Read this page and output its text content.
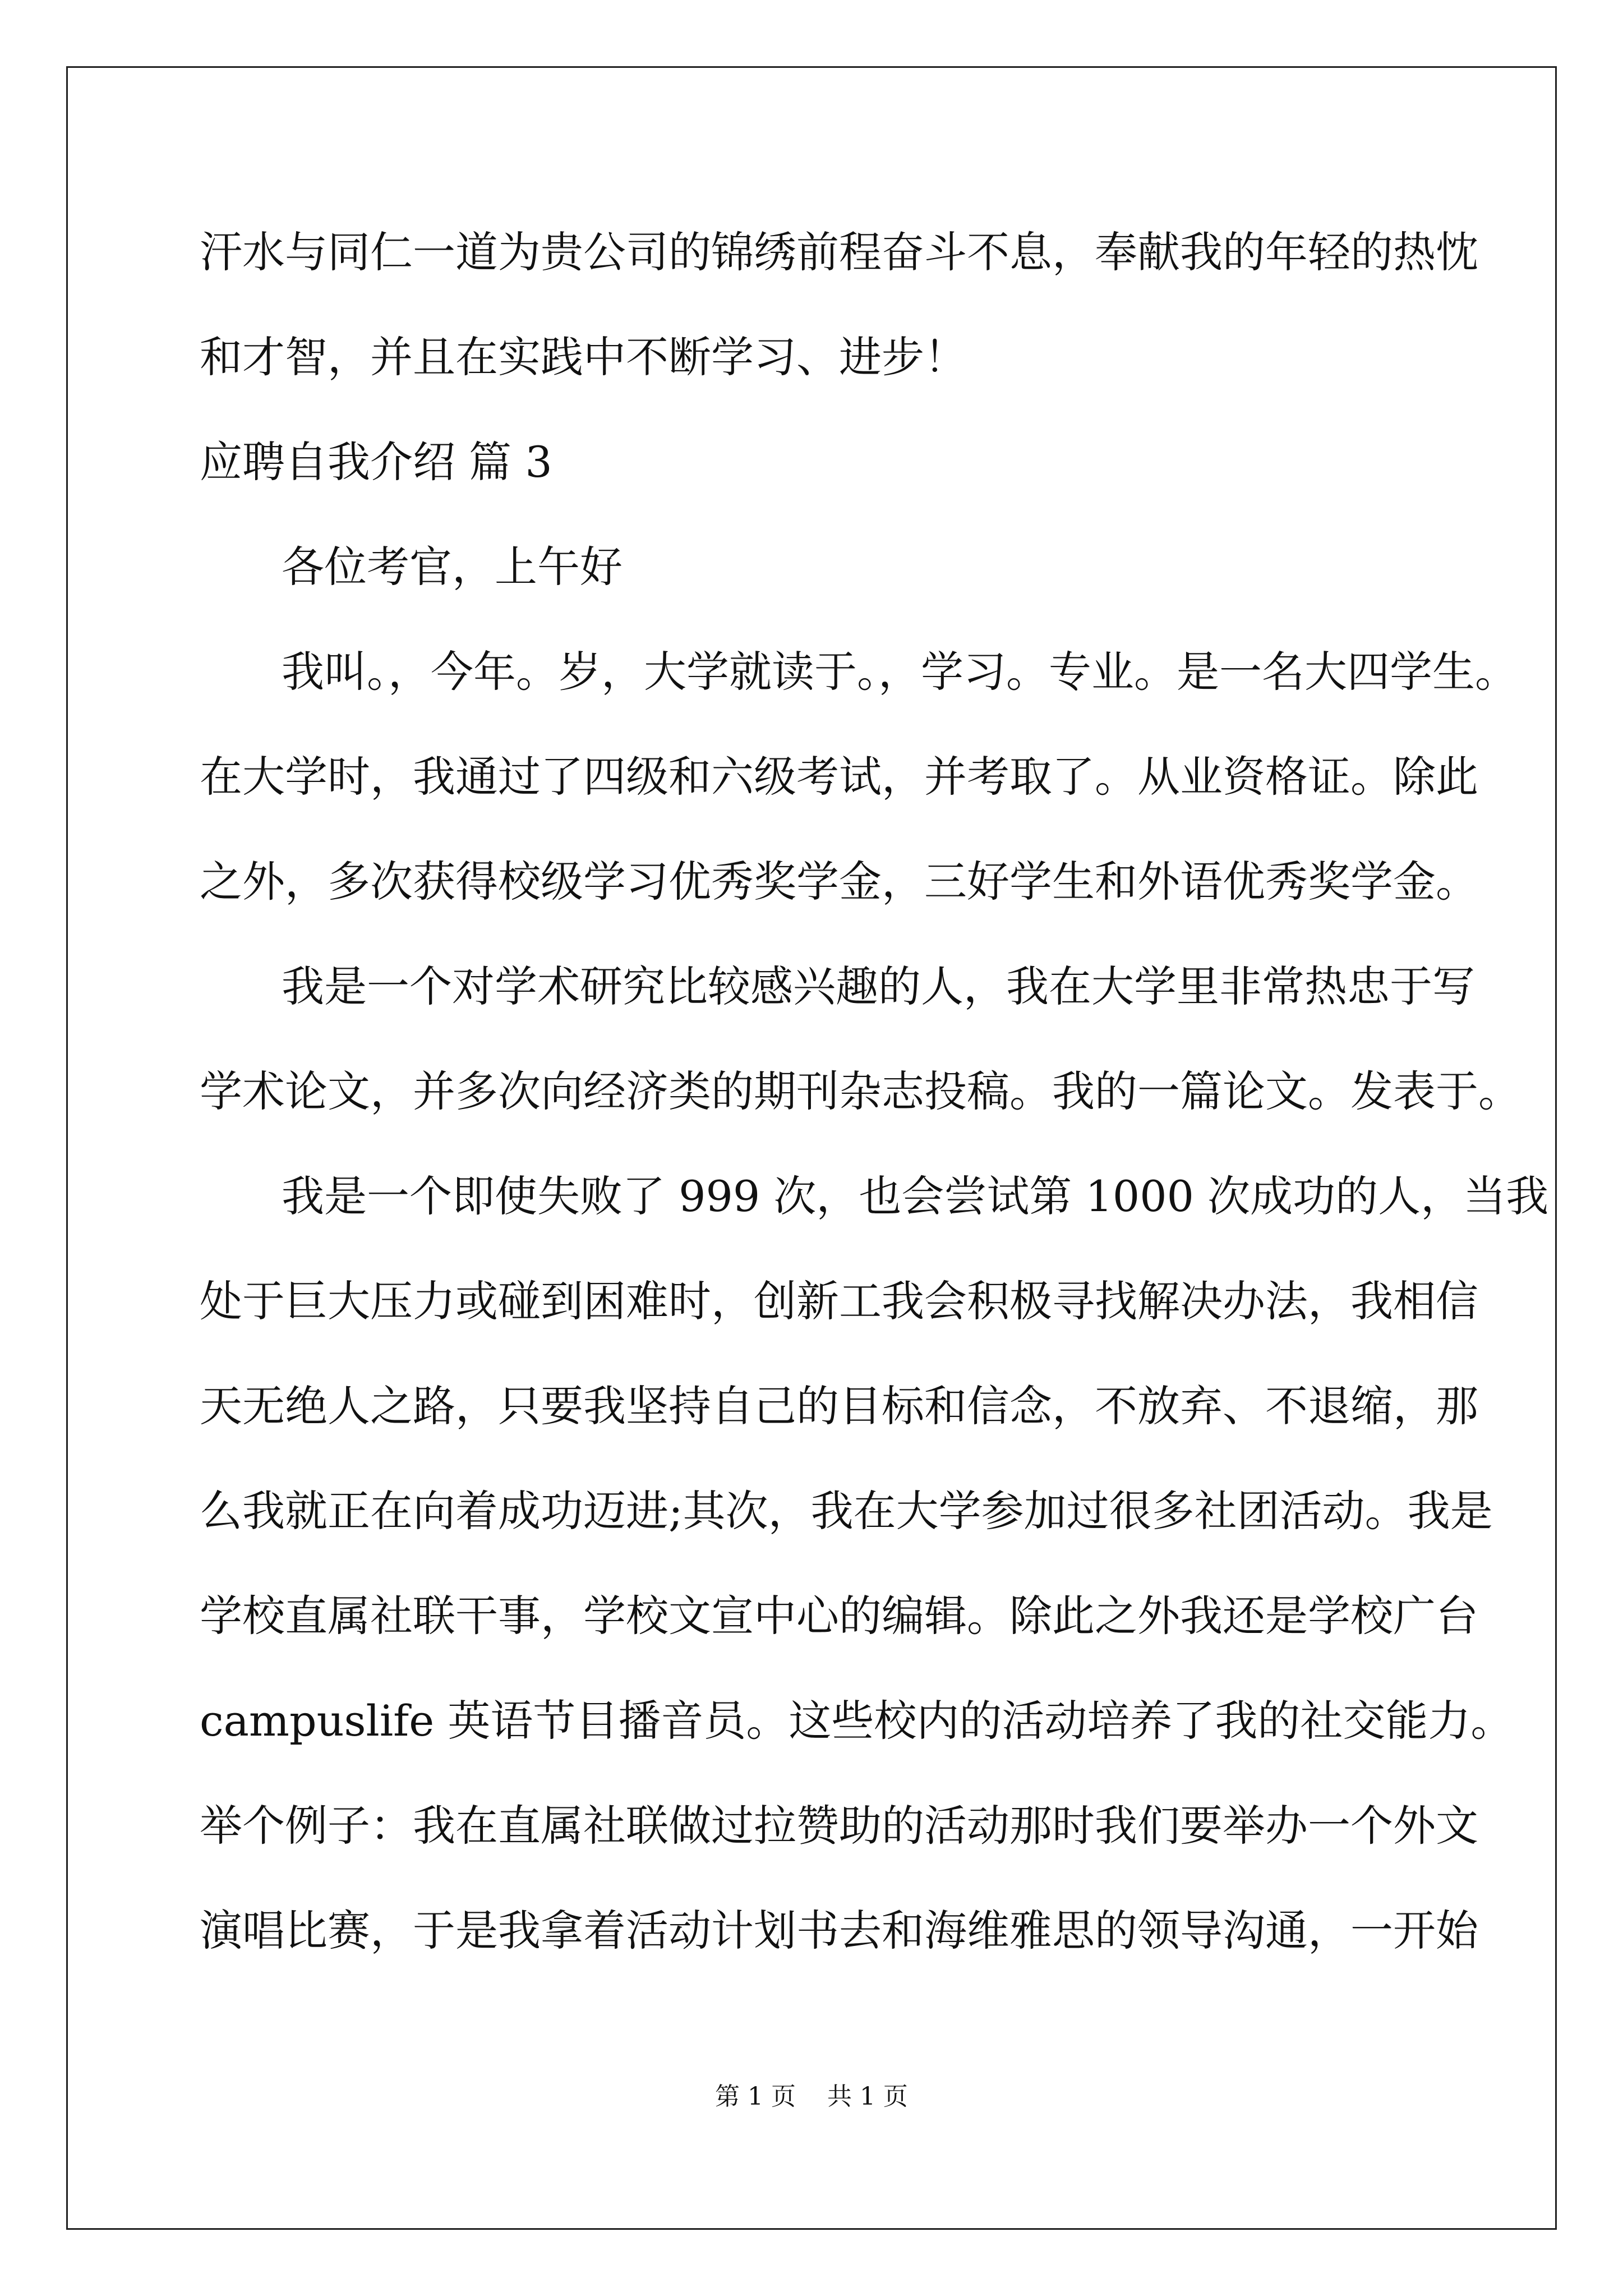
汗水与同仁一道为贵公司的锦绣前程奋斗不息，奉献我的年轻的热忱
和才智，并且在实践中不断学习、进步！
应聘自我介绍 篇 3
各位考官，上午好
我叫。，今年。岁，大学就读于。，学习。专业。是一名大四学生。
在大学时，我通过了四级和六级考试，并考取了。从业资格证。除此
之外，多次获得校级学习优秀奖学金，三好学生和外语优秀奖学金。
我是一个对学术研究比较感兴趣的人，我在大学里非常热忠于写
学术论文，并多次向经济类的期刊杂志投稿。我的一篇论文。发表于。
我是一个即使失败了 999 次，也会尝试第 1000 次成功的人，当我
处于巨大压力或碰到困难时，创新工我会积极寻找解决办法，我相信
天无绝人之路，只要我坚持自己的目标和信念，不放弃、不退缩，那
么我就正在向着成功迈进;其次，我在大学参加过很多社团活动。我是
学校直属社联干事，学校文宣中心的编辑。除此之外我还是学校广台
campuslife 英语节目播音员。这些校内的活动培养了我的社交能力。
举个例子：我在直属社联做过拉赞助的活动那时我们要举办一个外文
演唱比赛，于是我拿着活动计划书去和海维雅思的领导沟通，一开始
第 1 页    共 1 页
